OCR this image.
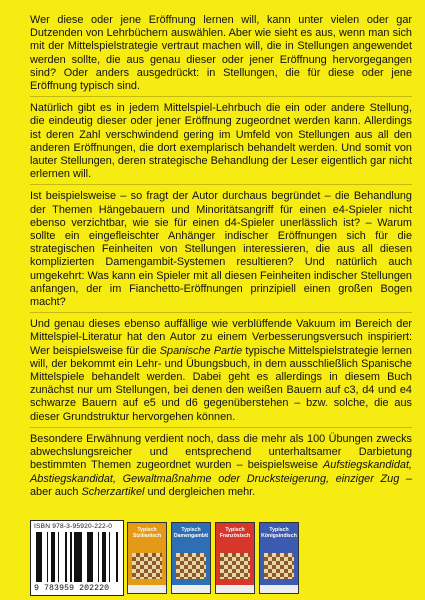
Wer diese oder jene Eröffnung lernen will, kann unter vielen oder gar Dutzenden von Lehrbüchern auswählen. Aber wie sieht es aus, wenn man sich mit der Mittelspielstrategie vertraut machen will, die in Stellungen angewendet werden sollte, die aus genau dieser oder jener Eröffnung hervorgegangen sind? Oder anders ausgedrückt: in Stellungen, die für diese oder jene Eröffnung typisch sind.

Natürlich gibt es in jedem Mittelspiel-Lehrbuch die ein oder andere Stellung, die eindeutig dieser oder jener Eröffnung zugeordnet werden kann. Allerdings ist deren Zahl verschwindend gering im Umfeld von Stellungen aus all den anderen Eröffnungen, die dort exemplarisch behandelt werden. Und somit von lauter Stellungen, deren strategische Behandlung der Leser eigentlich gar nicht erlernen will.

Ist beispielsweise – so fragt der Autor durchaus begründet – die Behandlung der Themen Hängebauern und Minoritätsangriff für einen e4-Spieler nicht ebenso verzichtbar, wie sie für einen d4-Spieler unerlässlich ist? – Warum sollte ein eingefleischter Anhänger indischer Eröffnungen sich für die strategischen Feinheiten von Stellungen interessieren, die aus all diesen komplizierten Damengambit-Systemen resultieren? Und natürlich auch umgekehrt: Was kann ein Spieler mit all diesen Feinheiten indischer Stellungen anfangen, der im Fianchetto-Eröffnungen prinzipiell einen großen Bogen macht?

Und genau dieses ebenso auffällige wie verblüffende Vakuum im Bereich der Mittelspiel-Literatur hat den Autor zu einem Verbesserungsversuch inspiriert: Wer beispielsweise für die Spanische Partie typische Mittelspielstrategie lernen will, der bekommt ein Lehr- und Übungsbuch, in dem ausschließlich Spanische Mittelspiele behandelt werden. Dabei geht es allerdings in diesem Buch zunächst nur um Stellungen, bei denen den weißen Bauern auf c3, d4 und e4 schwarze Bauern auf e5 und d6 gegenüberstehen – bzw. solche, die aus dieser Grundstruktur hervorgehen können.

Besondere Erwähnung verdient noch, dass die mehr als 100 Übungen zwecks abwechslungsreicher und entsprechend unterhaltsamer Darbietung bestimmten Themen zugeordnet wurden – beispielsweise Aufstiegskandidat, Abstiegskandidat, Gewaltmaßnahme oder Drucksteigerung, einziger Zug – aber auch Scherzartikel und dergleichen mehr.

ISBN 978-3-95920-222-0
9 783959 202220
Typisch Sizilianisch
Typisch Damengambit
Typisch Französisch
Typisch Königsindisch
